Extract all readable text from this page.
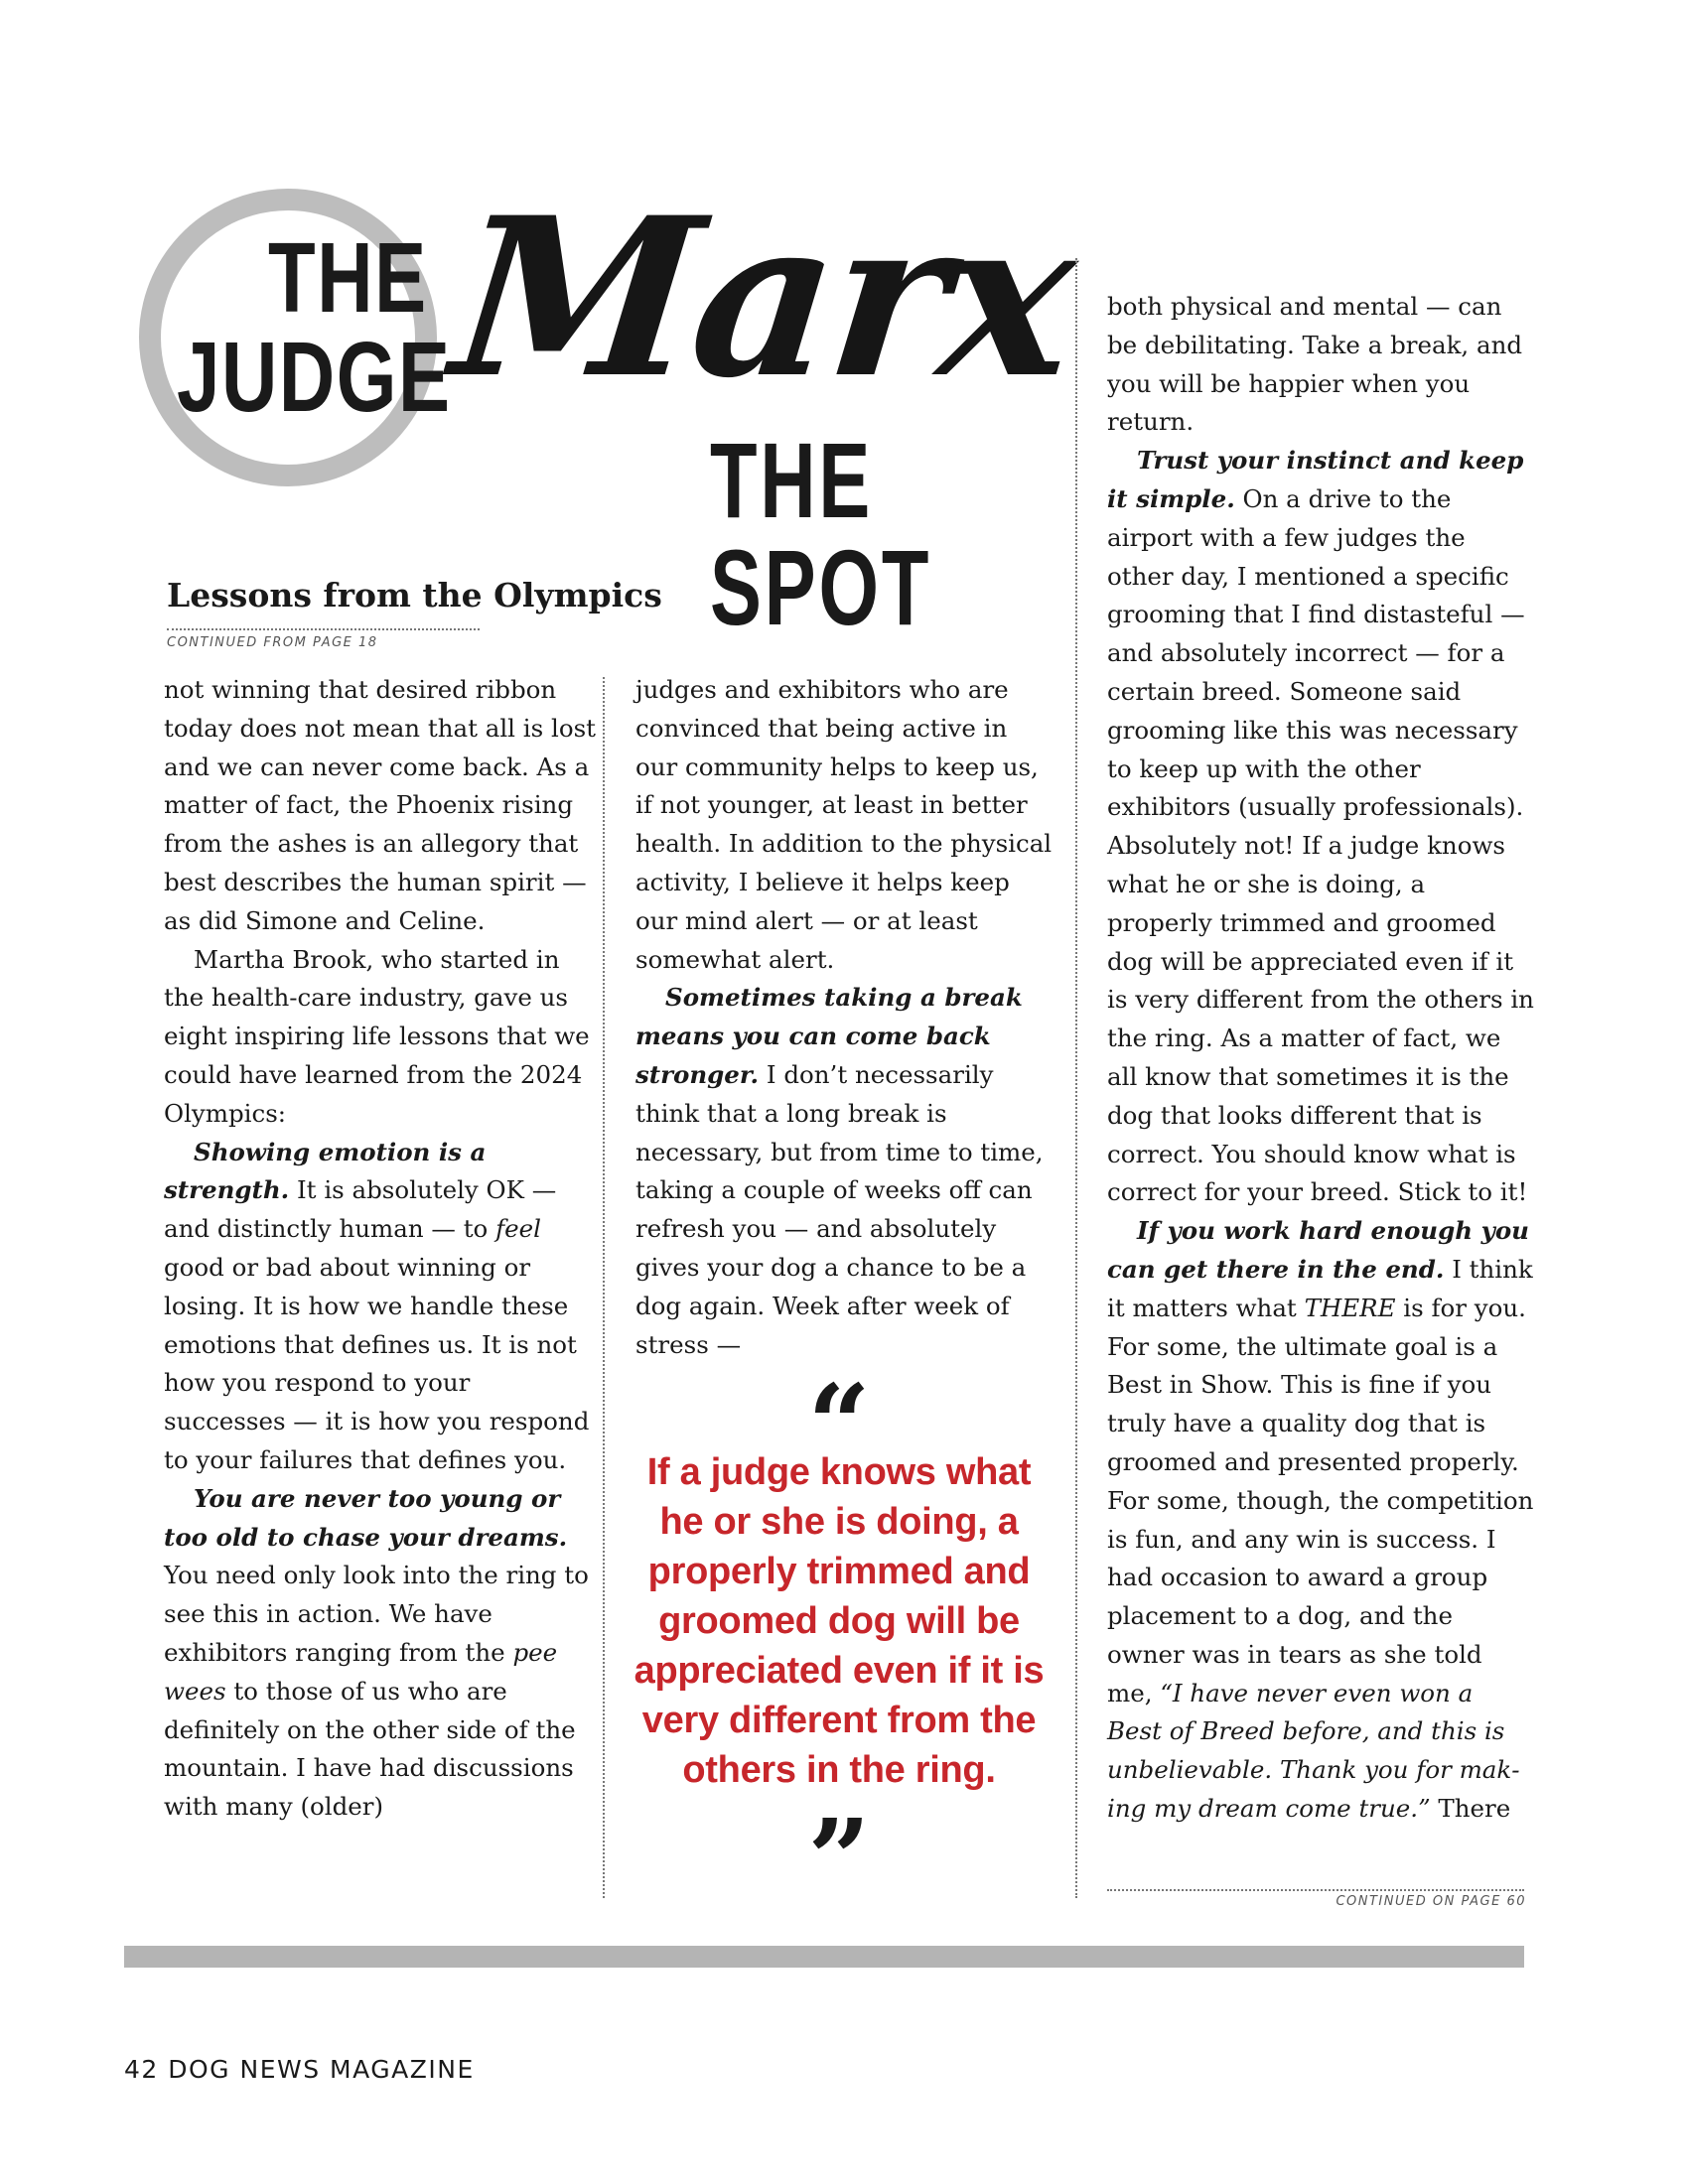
THE
JUDGE
Marx
THE SPOT
Lessons from the Olympics
CONTINUED FROM PAGE 18

not winning that desired ribbon today does not mean that all is lost and we can never come back. As a matter of fact, the Phoenix rising from the ashes is an allegory that best describes the human spirit — as did Simone and Celine.

Martha Brook, who started in the health-care industry, gave us eight inspiring life lessons that we could have learned from the 2024 Olympics:

Showing emotion is a strength. It is absolutely OK — and distinctly human — to feel good or bad about winning or losing. It is how we handle these emotions that defines us. It is not how you respond to your successes — it is how you respond to your failures that defines you.

You are never too young or too old to chase your dreams. You need only look into the ring to see this in action. We have exhibitors ranging from the pee wees to those of us who are definitely on the other side of the mountain. I have had discussions with many (older)

judges and exhibitors who are convinced that being active in our community helps to keep us, if not younger, at least in better health. In addition to the physical activity, I believe it helps keep our mind alert — or at least somewhat alert.

Sometimes taking a break means you can come back stronger. I don’t necessarily think that a long break is necessary, but from time to time, taking a couple of weeks off can refresh you — and absolutely gives your dog a chance to be a dog again. Week after week of stress —

“
If a judge knows what he or she is doing, a properly trimmed and groomed dog will be appreciated even if it is very different from the others in the ring.
”

both physical and mental — can be debilitating. Take a break, and you will be happier when you return.

Trust your instinct and keep it simple. On a drive to the airport with a few judges the other day, I mentioned a specific grooming that I find distasteful — and absolutely incorrect — for a certain breed. Someone said grooming like this was necessary to keep up with the other exhibitors (usually professionals). Absolutely not! If a judge knows what he or she is doing, a properly trimmed and groomed dog will be appreciated even if it is very different from the others in the ring. As a matter of fact, we all know that sometimes it is the dog that looks different that is correct. You should know what is correct for your breed. Stick to it!

If you work hard enough you can get there in the end. I think it matters what THERE is for you. For some, the ultimate goal is a Best in Show. This is fine if you truly have a quality dog that is groomed and presented properly. For some, though, the competition is fun, and any win is success. I had occasion to award a group placement to a dog, and the owner was in tears as she told me, “I have never even won a Best of Breed before, and this is unbelievable. Thank you for making my dream come true.” There

CONTINUED ON PAGE 60
42 DOG NEWS MAGAZINE
